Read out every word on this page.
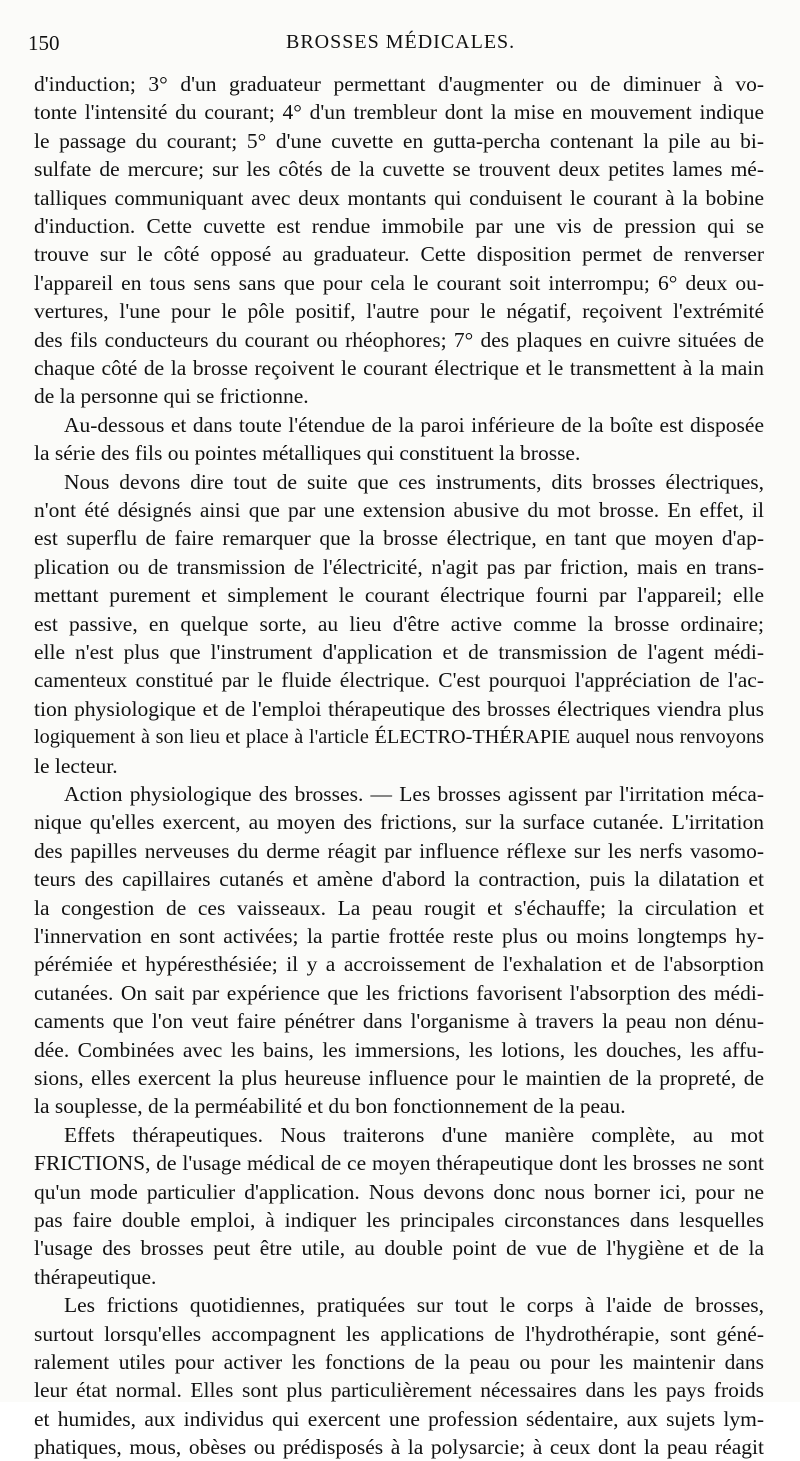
150	BROSSES MÉDICALES.
d'induction; 3° d'un graduateur permettant d'augmenter ou de diminuer à vo-
tonte l'intensité du courant; 4° d'un trembleur dont la mise en mouvement indique
le passage du courant; 5° d'une cuvette en gutta-percha contenant la pile au bi-
sulfate de mercure; sur les côtés de la cuvette se trouvent deux petites lames mé-
talliques communiquant avec deux montants qui conduisent le courant à la bobine
d'induction. Cette cuvette est rendue immobile par une vis de pression qui se
trouve sur le côté opposé au graduateur. Cette disposition permet de renverser
l'appareil en tous sens sans que pour cela le courant soit interrompu; 6° deux ou-
vertures, l'une pour le pôle positif, l'autre pour le négatif, reçoivent l'extrémité
des fils conducteurs du courant ou rhéophores; 7° des plaques en cuivre situées de
chaque côté de la brosse reçoivent le courant électrique et le transmettent à la main
de la personne qui se frictionne.
Au-dessous et dans toute l'étendue de la paroi inférieure de la boîte est disposée
la série des fils ou pointes métalliques qui constituent la brosse.
Nous devons dire tout de suite que ces instruments, dits brosses électriques,
n'ont été désignés ainsi que par une extension abusive du mot brosse. En effet, il
est superflu de faire remarquer que la brosse électrique, en tant que moyen d'ap-
plication ou de transmission de l'électricité, n'agit pas par friction, mais en trans-
mettant purement et simplement le courant électrique fourni par l'appareil; elle
est passive, en quelque sorte, au lieu d'être active comme la brosse ordinaire;
elle n'est plus que l'instrument d'application et de transmission de l'agent médi-
camenteux constitué par le fluide électrique. C'est pourquoi l'appréciation de l'ac-
tion physiologique et de l'emploi thérapeutique des brosses électriques viendra plus
logiquement à son lieu et place à l'article ÉLECTRO-THÉRAPIE auquel nous renvoyons
le lecteur.
Action physiologique des brosses. — Les brosses agissent par l'irritation méca-
nique qu'elles exercent, au moyen des frictions, sur la surface cutanée. L'irritation
des papilles nerveuses du derme réagit par influence réflexe sur les nerfs vasomo-
teurs des capillaires cutanés et amène d'abord la contraction, puis la dilatation et
la congestion de ces vaisseaux. La peau rougit et s'échauffe; la circulation et
l'innervation en sont activées; la partie frottée reste plus ou moins longtemps hy-
pérémiée et hypéresthésiée; il y a accroissement de l'exhalation et de l'absorption
cutanées. On sait par expérience que les frictions favorisent l'absorption des médi-
caments que l'on veut faire pénétrer dans l'organisme à travers la peau non dénu-
dée. Combinées avec les bains, les immersions, les lotions, les douches, les affu-
sions, elles exercent la plus heureuse influence pour le maintien de la propreté, de
la souplesse, de la perméabilité et du bon fonctionnement de la peau.
Effets thérapeutiques. Nous traiterons d'une manière complète, au mot
FRICTIONS, de l'usage médical de ce moyen thérapeutique dont les brosses ne sont
qu'un mode particulier d'application. Nous devons donc nous borner ici, pour ne
pas faire double emploi, à indiquer les principales circonstances dans lesquelles
l'usage des brosses peut être utile, au double point de vue de l'hygiène et de la
thérapeutique.
Les frictions quotidiennes, pratiquées sur tout le corps à l'aide de brosses,
surtout lorsqu'elles accompagnent les applications de l'hydrothérapie, sont géné-
ralement utiles pour activer les fonctions de la peau ou pour les maintenir dans
leur état normal. Elles sont plus particulièrement nécessaires dans les pays froids
et humides, aux individus qui exercent une profession sédentaire, aux sujets lym-
phatiques, mous, obèses ou prédisposés à la polysarcie; à ceux dont la peau réagit
